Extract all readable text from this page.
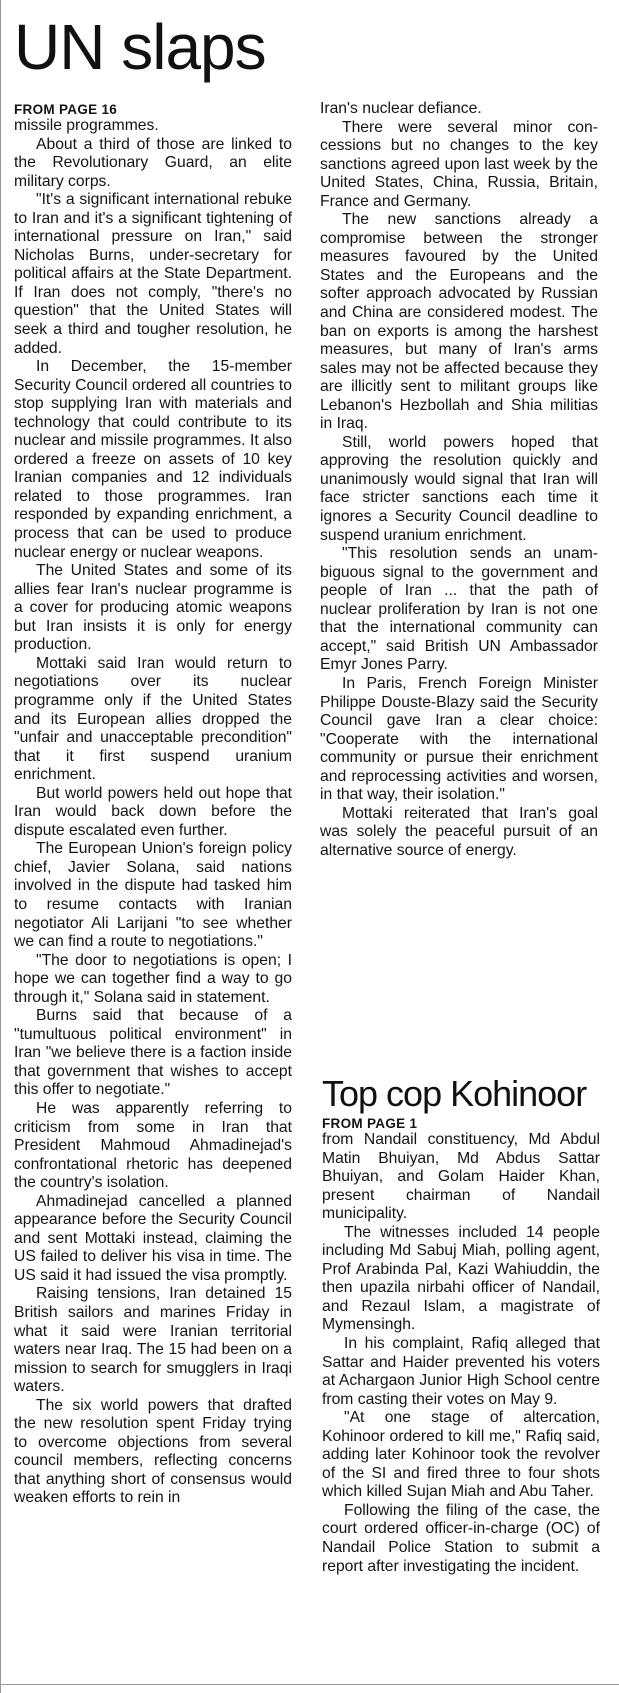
UN slaps
FROM PAGE 16

missile programmes.

About a third of those are linked to the Revolutionary Guard, an elite military corps.

"It's a significant international rebuke to Iran and it's a significant tightening of international pressure on Iran," said Nicholas Burns, under-secretary for political affairs at the State Department. If Iran does not comply, "there's no question" that the United States will seek a third and tougher resolution, he added.

In December, the 15-member Security Council ordered all countries to stop supplying Iran with materials and technology that could contribute to its nuclear and missile programmes. It also ordered a freeze on assets of 10 key Iranian companies and 12 individuals related to those programmes. Iran responded by expanding enrichment, a process that can be used to produce nuclear energy or nuclear weapons.

The United States and some of its allies fear Iran's nuclear programme is a cover for producing atomic weapons but Iran insists it is only for energy production.

Mottaki said Iran would return to negotiations over its nuclear programme only if the United States and its European allies dropped the "unfair and unacceptable precondition" that it first suspend uranium enrichment.

But world powers held out hope that Iran would back down before the dispute escalated even further.

The European Union's foreign policy chief, Javier Solana, said nations involved in the dispute had tasked him to resume contacts with Iranian negotiator Ali Larijani "to see whether we can find a route to negotiations."

"The door to negotiations is open; I hope we can together find a way to go through it," Solana said in statement.

Burns said that because of a "tumultuous political environment" in Iran "we believe there is a faction inside that government that wishes to accept this offer to negotiate."

He was apparently referring to criticism from some in Iran that President Mahmoud Ahmadinejad's confrontational rhetoric has deepened the country's isolation.

Ahmadinejad cancelled a planned appearance before the Security Council and sent Mottaki instead, claiming the US failed to deliver his visa in time. The US said it had issued the visa promptly.

Raising tensions, Iran detained 15 British sailors and marines Friday in what it said were Iranian territorial waters near Iraq. The 15 had been on a mission to search for smugglers in Iraqi waters.

The six world powers that drafted the new resolution spent Friday trying to overcome objections from several council members, reflecting concerns that anything short of consensus would weaken efforts to rein in

Iran's nuclear defiance.

There were several minor concessions but no changes to the key sanctions agreed upon last week by the United States, China, Russia, Britain, France and Germany.

The new sanctions already a compromise between the stronger measures favoured by the United States and the Europeans and the softer approach advocated by Russian and China are considered modest. The ban on exports is among the harshest measures, but many of Iran's arms sales may not be affected because they are illicitly sent to militant groups like Lebanon's Hezbollah and Shia militias in Iraq.

Still, world powers hoped that approving the resolution quickly and unanimously would signal that Iran will face stricter sanctions each time it ignores a Security Council deadline to suspend uranium enrichment.

"This resolution sends an unambiguous signal to the government and people of Iran ... that the path of nuclear proliferation by Iran is not one that the international community can accept," said British UN Ambassador Emyr Jones Parry.

In Paris, French Foreign Minister Philippe Douste-Blazy said the Security Council gave Iran a clear choice: "Cooperate with the international community or pursue their enrichment and reprocessing activities and worsen, in that way, their isolation."

Mottaki reiterated that Iran's goal was solely the peaceful pursuit of an alternative source of energy.

Top cop Kohinoor
FROM PAGE 1

from Nandail constituency, Md Abdul Matin Bhuiyan, Md Abdus Sattar Bhuiyan, and Golam Haider Khan, present chairman of Nandail municipality.

The witnesses included 14 people including Md Sabuj Miah, polling agent, Prof Arabinda Pal, Kazi Wahiuddin, the then upazila nirbahi officer of Nandail, and Rezaul Islam, a magistrate of Mymensingh.

In his complaint, Rafiq alleged that Sattar and Haider prevented his voters at Achargaon Junior High School centre from casting their votes on May 9.

"At one stage of altercation, Kohinoor ordered to kill me," Rafiq said, adding later Kohinoor took the revolver of the SI and fired three to four shots which killed Sujan Miah and Abu Taher.

Following the filing of the case, the court ordered officer-in-charge (OC) of Nandail Police Station to submit a report after investigating the incident.
